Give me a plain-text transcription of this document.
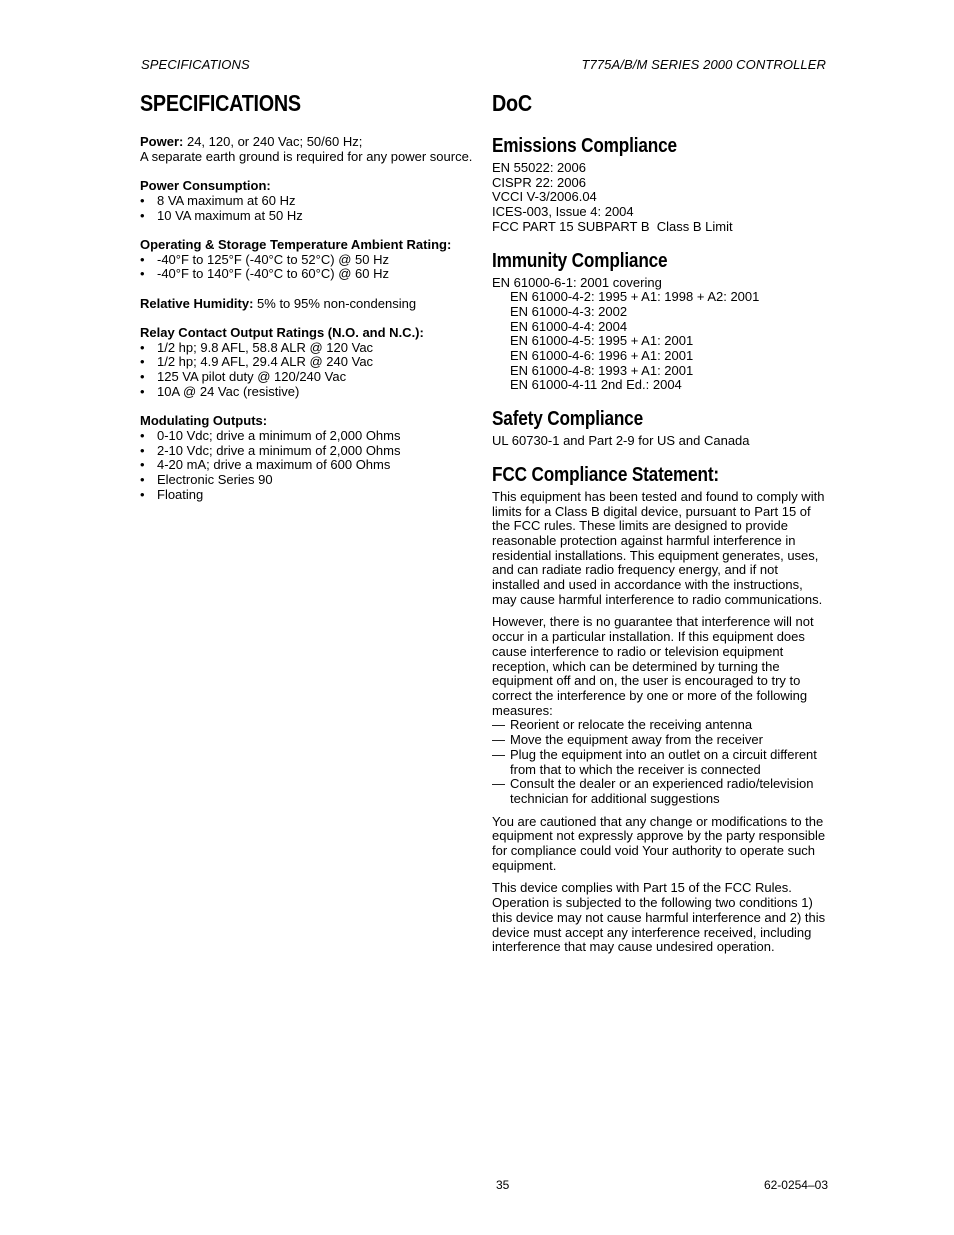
SPECIFICATIONS	T775A/B/M SERIES 2000 CONTROLLER
SPECIFICATIONS
Power: 24, 120, or 240 Vac; 50/60 Hz;
A separate earth ground is required for any power source.
Power Consumption:
• 8 VA maximum at 60 Hz
• 10 VA maximum at 50 Hz
Operating & Storage Temperature Ambient Rating:
• -40°F to 125°F (-40°C to 52°C) @ 50 Hz
• -40°F to 140°F (-40°C to 60°C) @ 60 Hz
Relative Humidity: 5% to 95% non-condensing
Relay Contact Output Ratings (N.O. and N.C.):
• 1/2 hp; 9.8 AFL, 58.8 ALR @ 120 Vac
• 1/2 hp; 4.9 AFL, 29.4 ALR @ 240 Vac
• 125 VA pilot duty @ 120/240 Vac
• 10A @ 24 Vac (resistive)
Modulating Outputs:
• 0-10 Vdc; drive a minimum of 2,000 Ohms
• 2-10 Vdc; drive a minimum of 2,000 Ohms
• 4-20 mA; drive a maximum of 600 Ohms
• Electronic Series 90
• Floating
DoC
Emissions Compliance
EN 55022: 2006
CISPR 22: 2006
VCCI V-3/2006.04
ICES-003, Issue 4: 2004
FCC PART 15 SUBPART B  Class B Limit
Immunity Compliance
EN 61000-6-1: 2001 covering
EN 61000-4-2: 1995 + A1: 1998 + A2: 2001
EN 61000-4-3: 2002
EN 61000-4-4: 2004
EN 61000-4-5: 1995 + A1: 2001
EN 61000-4-6: 1996 + A1: 2001
EN 61000-4-8: 1993 + A1: 2001
EN 61000-4-11 2nd Ed.: 2004
Safety Compliance
UL 60730-1 and Part 2-9 for US and Canada
FCC Compliance Statement:
This equipment has been tested and found to comply with
limits for a Class B digital device, pursuant to Part 15 of
the FCC rules. These limits are designed to provide
reasonable protection against harmful interference in
residential installations. This equipment generates, uses,
and can radiate radio frequency energy, and if not
installed and used in accordance with the instructions,
may cause harmful interference to radio communications.
However, there is no guarantee that interference will not
occur in a particular installation. If this equipment does
cause interference to radio or television equipment
reception, which can be determined by turning the
equipment off and on, the user is encouraged to try to
correct the interference by one or more of the following
measures:
— Reorient or relocate the receiving antenna
— Move the equipment away from the receiver
— Plug the equipment into an outlet on a circuit different
from that to which the receiver is connected
— Consult the dealer or an experienced radio/television
technician for additional suggestions
You are cautioned that any change or modifications to the
equipment not expressly approve by the party responsible
for compliance could void Your authority to operate such
equipment.
This device complies with Part 15 of the FCC Rules.
Operation is subjected to the following two conditions 1)
this device may not cause harmful interference and 2) this
device must accept any interference received, including
interference that may cause undesired operation.
35	62-0254–03
